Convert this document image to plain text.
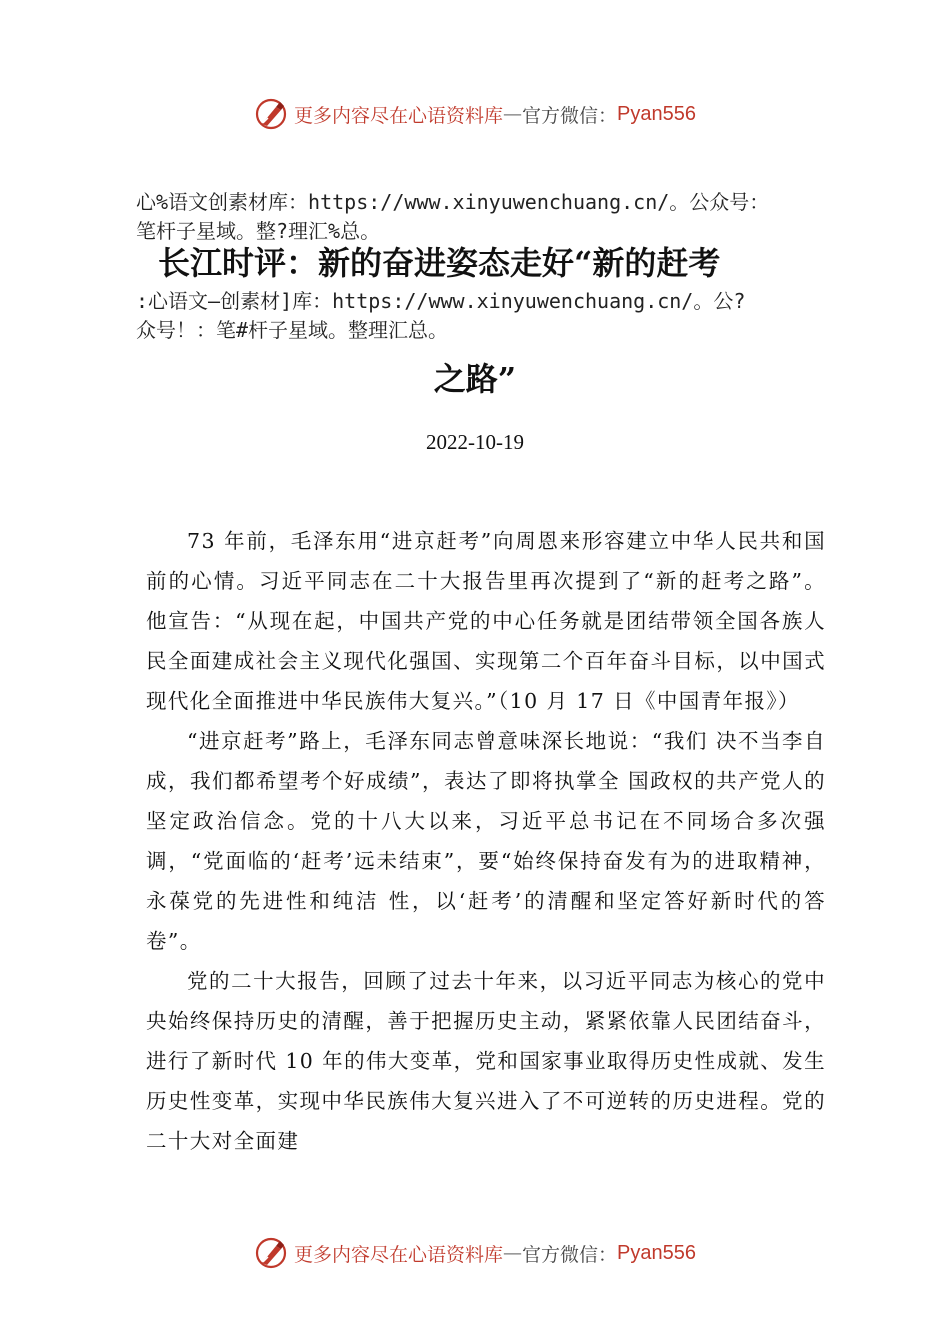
更多内容尽在心语资料库 — 官方微信： Pyan556
心%语文创素材库：https://www.xinyuwenchuang.cn/。公众号：
笔杆子星域。整?理汇%总。
长江时评：新的奋进姿态走好“新的赶考
:心语文—创素材]库：https://www.xinyuwenchuang.cn/。公?
众号！：笔#杆子星域。整理汇总。
之路”
2022-10-19

73 年前，毛泽东用“进京赶考”向周恩来形容建立中华人民共和国前的心情。习近平同志在二十大报告里再次提到了“新的赶考之路”。他宣告：“从现在起，中国共产党的中心任务就是团结带领全国各族人民全面建成社会主义现代化强国、实现第二个百年奋斗目标，以中国式现代化全面推进中华民族伟大复兴。”（10 月 17 日《中国青年报》）

“进京赶考”路上，毛泽东同志曾意味深长地说：“我们 决不当李自成，我们都希望考个好成绩”，表达了即将执掌全 国政权的共产党人的坚定政治信念。党的十八大以来，习近平总书记在不同场合多次强调，“党面临的‘赶考’远未结束”，要“始终保持奋发有为的进取精神，永葆党的先进性和纯洁 性，以‘赶考’的清醒和坚定答好新时代的答卷”。

党的二十大报告，回顾了过去十年来，以习近平同志为核心的党中央始终保持历史的清醒，善于把握历史主动，紧紧依靠人民团结奋斗，进行了新时代 10 年的伟大变革，党和国家事业取得历史性成就、发生历史性变革，实现中华民族伟大复兴进入了不可逆转的历史进程。党的二十大对全面建

更多内容尽在心语资料库 — 官方微信： Pyan556
